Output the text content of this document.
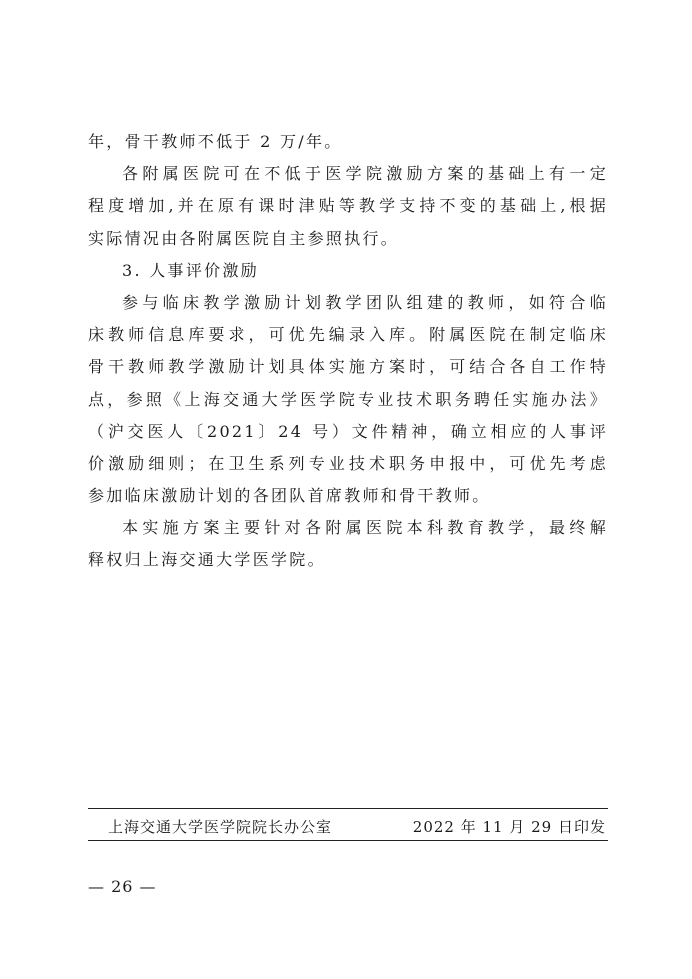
年，骨干教师不低于 2 万/年。
各附属医院可在不低于医学院激励方案的基础上有一定
程度增加,并在原有课时津贴等教学支持不变的基础上,根据
实际情况由各附属医院自主参照执行。
3. 人事评价激励
参与临床教学激励计划教学团队组建的教师，如符合临
床教师信息库要求，可优先编录入库。附属医院在制定临床
骨干教师教学激励计划具体实施方案时，可结合各自工作特
点，参照《上海交通大学医学院专业技术职务聘任实施办法》
（沪交医人〔2021〕24 号）文件精神，确立相应的人事评
价激励细则；在卫生系列专业技术职务申报中，可优先考虑
参加临床激励计划的各团队首席教师和骨干教师。
本实施方案主要针对各附属医院本科教育教学，最终解
释权归上海交通大学医学院。
上海交通大学医学院院长办公室	2022 年 11 月 29 日印发
— 26 —
